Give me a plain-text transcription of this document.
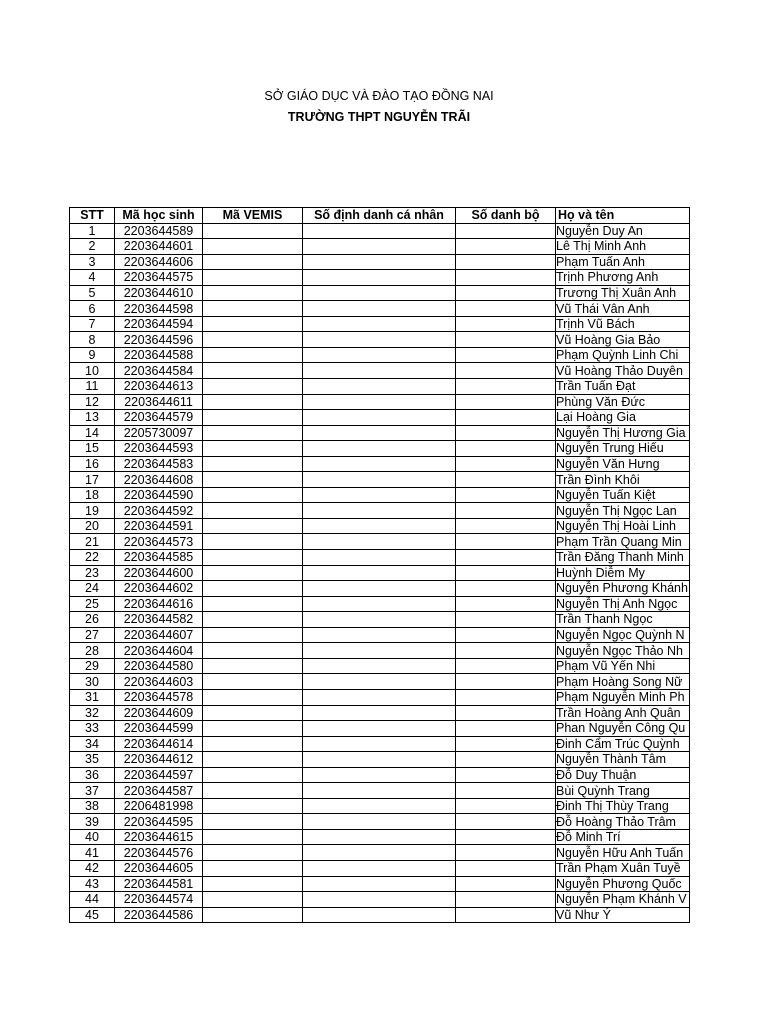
SỞ GIÁO DỤC VÀ ĐÀO TẠO ĐỒNG NAI
TRƯỜNG THPT NGUYỄN TRÃI
STT	Mã học sinh	Mã VEMIS	Số định danh cá nhân	Số danh bộ	Họ và tên
1	2203644589				Nguyễn Duy An
2	2203644601				Lê Thị Minh Anh
3	2203644606				Phạm Tuấn Anh
4	2203644575				Trịnh Phương Anh
5	2203644610				Trương Thị Xuân Anh
6	2203644598				Vũ Thái Vân Anh
7	2203644594				Trịnh Vũ Bách
8	2203644596				Vũ Hoàng Gia Bảo
9	2203644588				Phạm Quỳnh Linh Chi
10	2203644584				Vũ Hoàng Thảo Duyên
11	2203644613				Trần Tuấn Đạt
12	2203644611				Phùng Văn Đức
13	2203644579				Lại Hoàng Gia
14	2205730097				Nguyễn Thị Hương Gia
15	2203644593				Nguyễn Trung Hiếu
16	2203644583				Nguyễn Văn Hưng
17	2203644608				Trần Đình Khôi
18	2203644590				Nguyễn Tuấn Kiệt
19	2203644592				Nguyễn Thị Ngọc Lan
20	2203644591				Nguyễn Thị Hoài Linh
21	2203644573				Phạm Trần Quang Min
22	2203644585				Trần Đăng Thanh Minh
23	2203644600				Huỳnh Diễm My
24	2203644602				Nguyễn Phương Khánh
25	2203644616				Nguyễn Thị Anh Ngọc
26	2203644582				Trần Thanh Ngọc
27	2203644607				Nguyễn Ngọc Quỳnh N
28	2203644604				Nguyễn Ngọc Thảo Nh
29	2203644580				Phạm Vũ Yến Nhi
30	2203644603				Phạm Hoàng Song Nữ
31	2203644578				Phạm Nguyễn Minh Ph
32	2203644609				Trần Hoàng Anh Quân
33	2203644599				Phan Nguyễn Công Qu
34	2203644614				Đinh Cẩm Trúc Quỳnh
35	2203644612				Nguyễn Thành Tâm
36	2203644597				Đỗ Duy Thuận
37	2203644587				Bùi Quỳnh Trang
38	2206481998				Đinh Thị Thùy Trang
39	2203644595				Đỗ Hoàng Thảo Trâm
40	2203644615				Đỗ Minh Trí
41	2203644576				Nguyễn Hữu Anh Tuấn
42	2203644605				Trần Phạm Xuân Tuyề
43	2203644581				Nguyễn Phương Quốc
44	2203644574				Nguyễn Phạm Khánh V
45	2203644586				Vũ Như Ý
